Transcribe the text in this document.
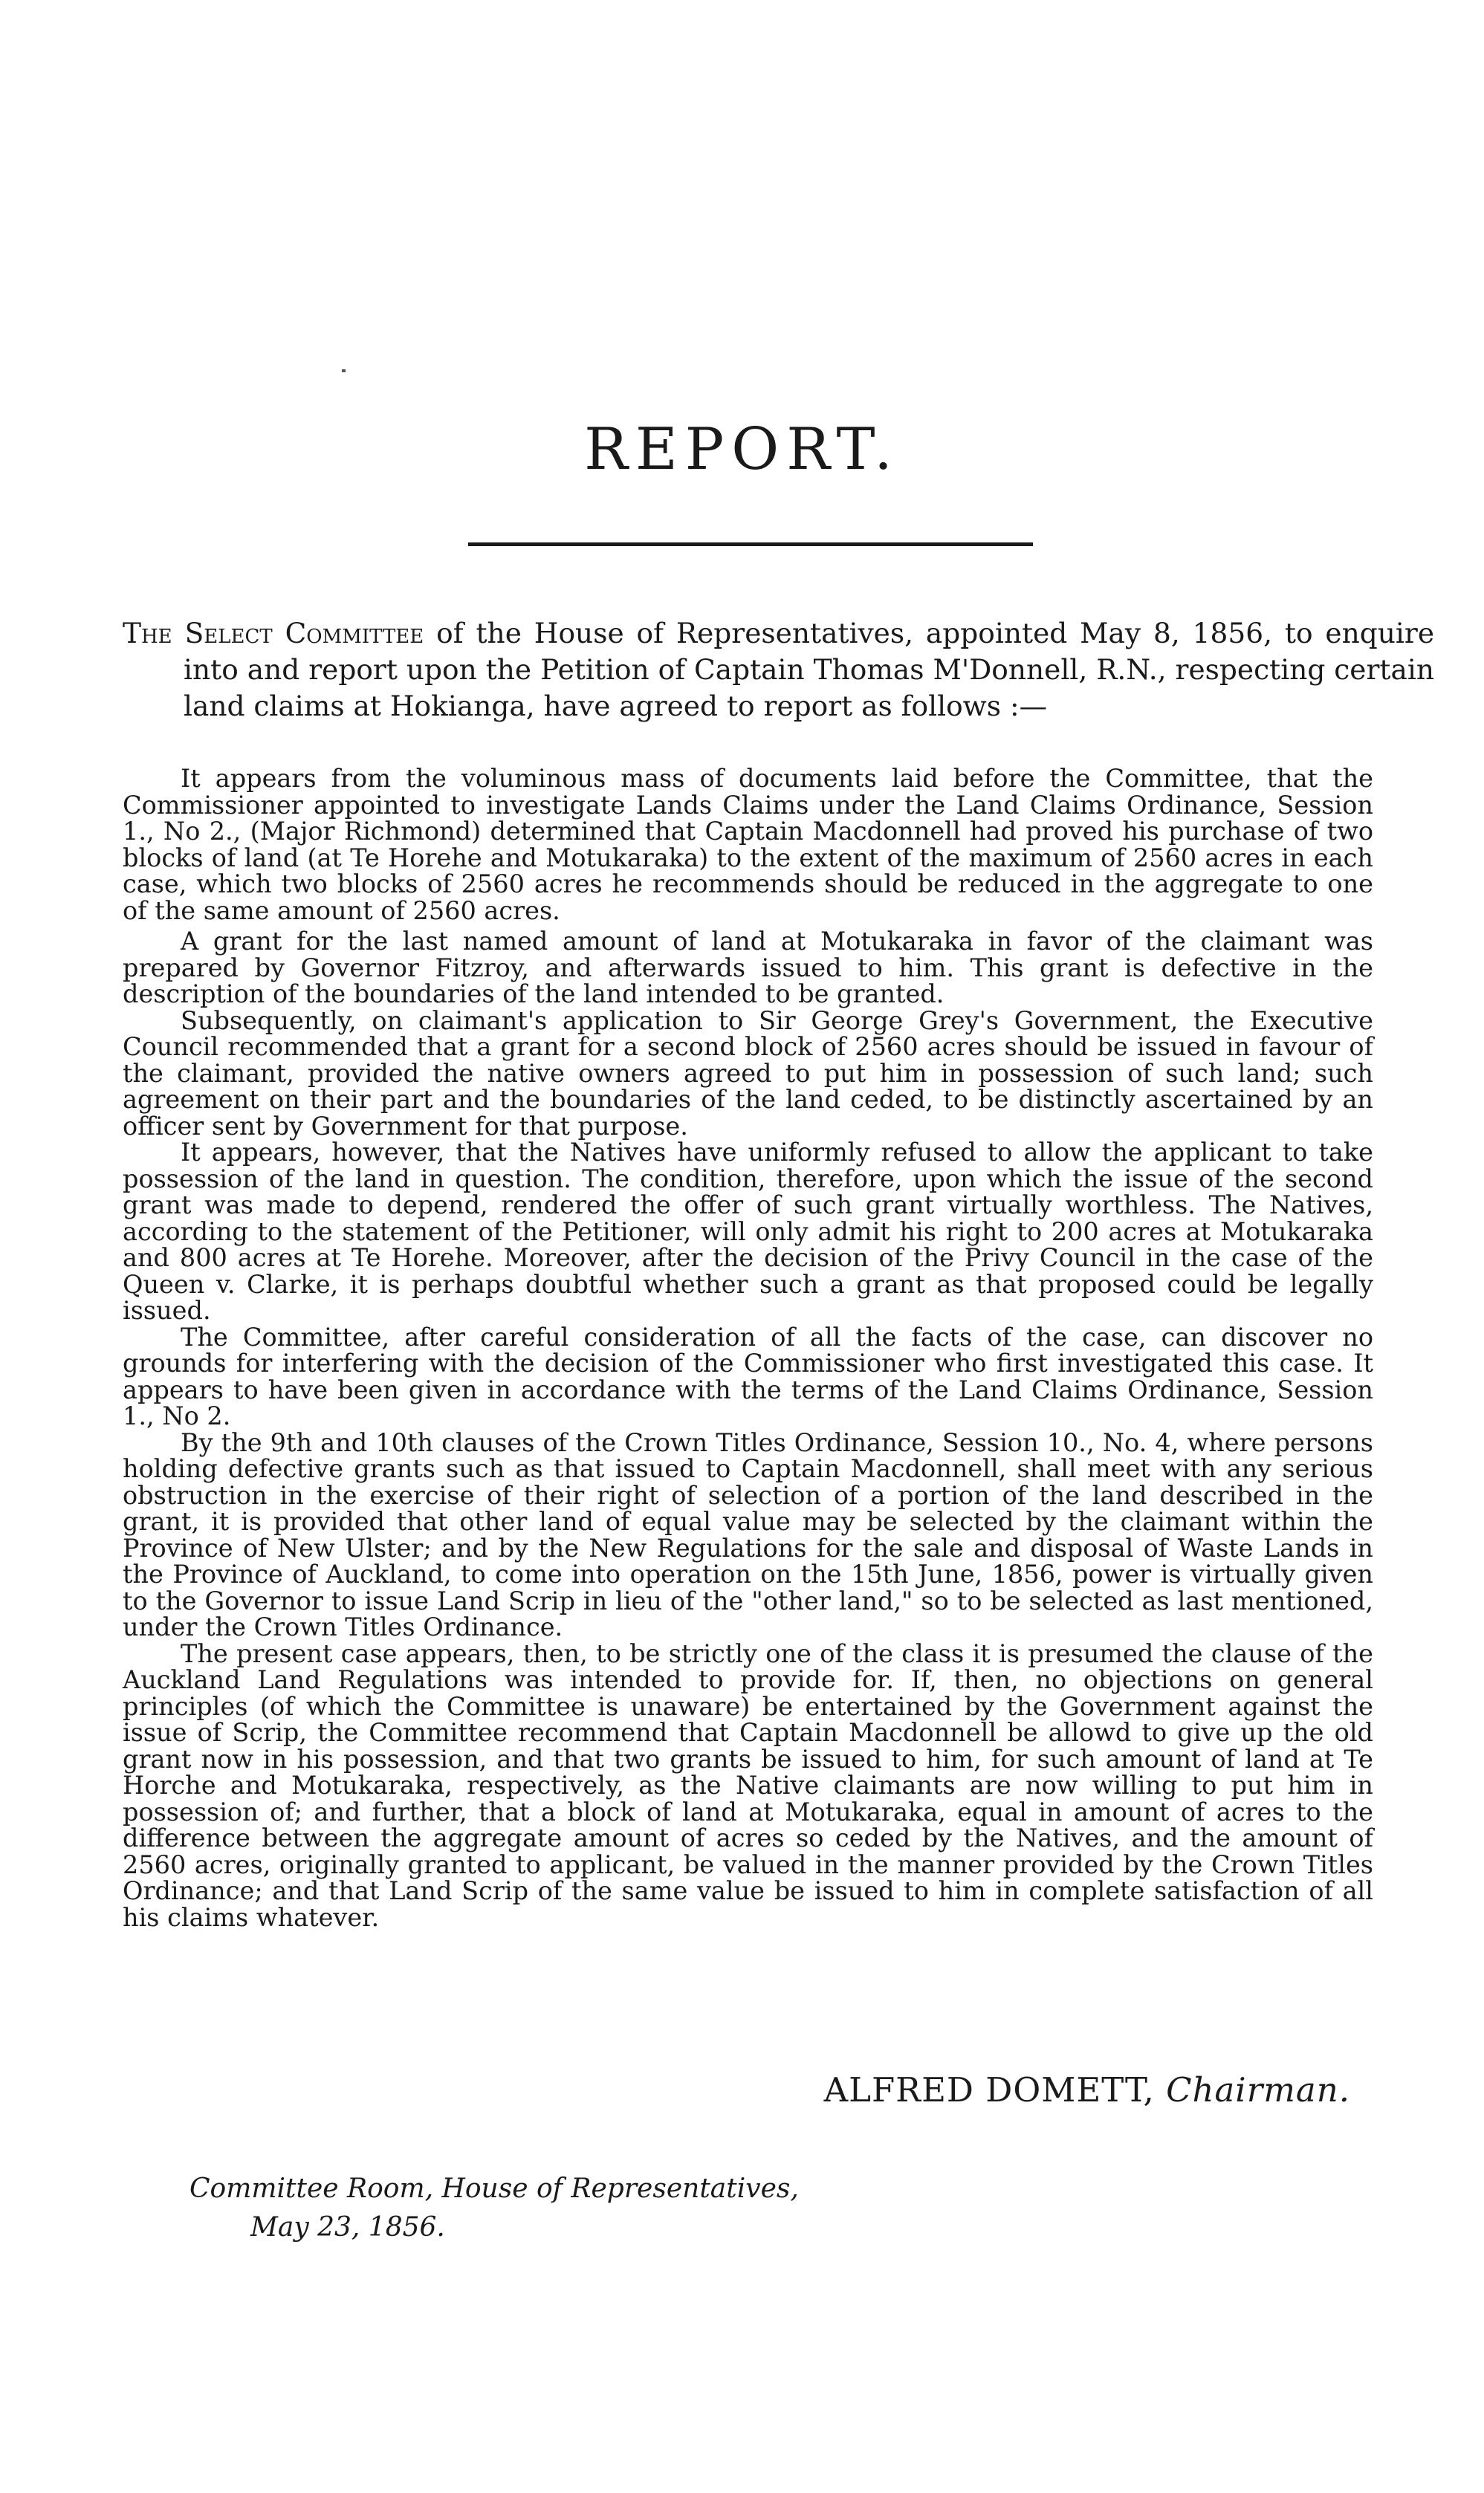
REPORT.
The Select Committee of the House of Representatives, appointed May 8, 1856, to enquire into and report upon the Petition of Captain Thomas M'Donnell, R.N., respecting certain land claims at Hokianga, have agreed to report as follows :—

It appears from the voluminous mass of documents laid before the Committee, that the Commissioner appointed to investigate Lands Claims under the Land Claims Ordinance, Session 1., No 2., (Major Richmond) determined that Captain Macdonnell had proved his purchase of two blocks of land (at Te Horehe and Motukaraka) to the extent of the maximum of 2560 acres in each case, which two blocks of 2560 acres he recommends should be reduced in the aggregate to one of the same amount of 2560 acres.

A grant for the last named amount of land at Motukaraka in favor of the claimant was prepared by Governor Fitzroy, and afterwards issued to him. This grant is defective in the description of the boundaries of the land intended to be granted.

Subsequently, on claimant's application to Sir George Grey's Government, the Executive Council recommended that a grant for a second block of 2560 acres should be issued in favour of the claimant, provided the native owners agreed to put him in possession of such land; such agreement on their part and the boundaries of the land ceded, to be distinctly ascertained by an officer sent by Government for that purpose.

It appears, however, that the Natives have uniformly refused to allow the applicant to take possession of the land in question. The condition, therefore, upon which the issue of the second grant was made to depend, rendered the offer of such grant virtually worthless. The Natives, according to the statement of the Petitioner, will only admit his right to 200 acres at Motukaraka and 800 acres at Te Horehe. Moreover, after the decision of the Privy Council in the case of the Queen v. Clarke, it is perhaps doubtful whether such a grant as that proposed could be legally issued.

The Committee, after careful consideration of all the facts of the case, can discover no grounds for interfering with the decision of the Commissioner who first investigated this case. It appears to have been given in accordance with the terms of the Land Claims Ordinance, Session 1., No 2.

By the 9th and 10th clauses of the Crown Titles Ordinance, Session 10., No. 4, where persons holding defective grants such as that issued to Captain Macdonnell, shall meet with any serious obstruction in the exercise of their right of selection of a portion of the land described in the grant, it is provided that other land of equal value may be selected by the claimant within the Province of New Ulster; and by the New Regulations for the sale and disposal of Waste Lands in the Province of Auckland, to come into operation on the 15th June, 1856, power is virtually given to the Governor to issue Land Scrip in lieu of the "other land," so to be selected as last mentioned, under the Crown Titles Ordinance.

The present case appears, then, to be strictly one of the class it is presumed the clause of the Auckland Land Regulations was intended to provide for. If, then, no objections on general principles (of which the Committee is unaware) be entertained by the Government against the issue of Scrip, the Committee recommend that Captain Macdonnell be allowd to give up the old grant now in his possession, and that two grants be issued to him, for such amount of land at Te Horche and Motukaraka, respectively, as the Native claimants are now willing to put him in possession of; and further, that a block of land at Motukaraka, equal in amount of acres to the difference between the aggregate amount of acres so ceded by the Natives, and the amount of 2560 acres, originally granted to applicant, be valued in the manner provided by the Crown Titles Ordinance; and that Land Scrip of the same value be issued to him in complete satisfaction of all his claims whatever.

ALFRED DOMETT, Chairman.
Committee Room, House of Representatives,
May 23, 1856.
